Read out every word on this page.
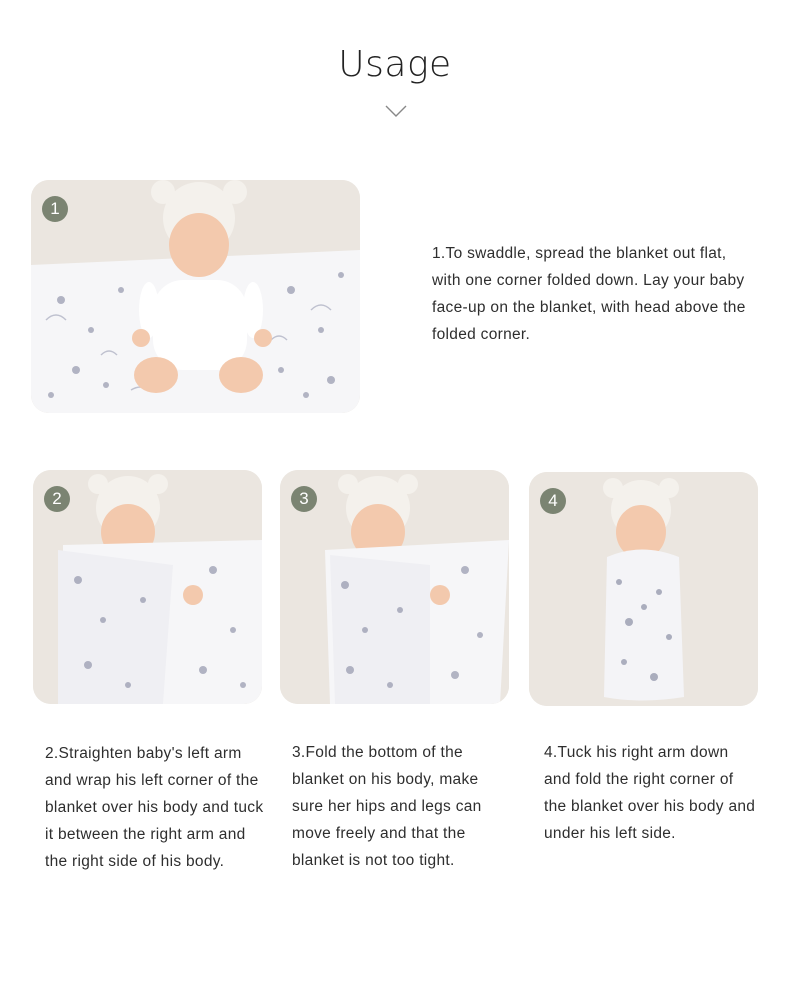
Usage
1
1.To swaddle, spread the blanket out flat, with one corner folded down. Lay your baby face-up on the blanket, with head above the folded corner.
2
2.Straighten baby's left arm and wrap his left corner of the blanket over his body and tuck it between the right arm and the right side of his body.
3
3.Fold the bottom of the blanket on his body, make sure her hips and legs can move freely and that the blanket is not too tight.
4
4.Tuck his right arm down and fold the right corner of the blanket over his body and under his left side.
